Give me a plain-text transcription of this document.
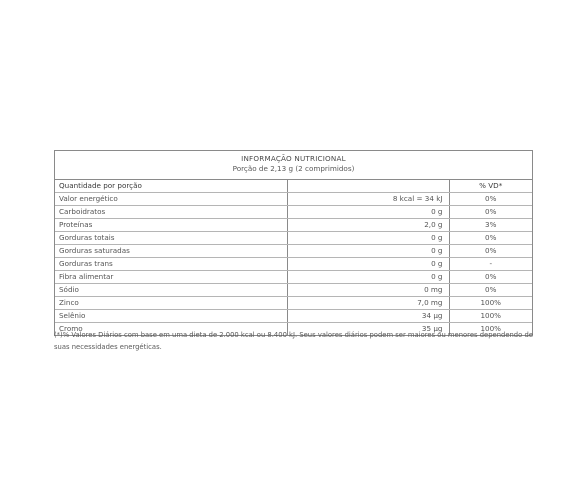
INFORMAÇÃO NUTRICIONAL
Porção de 2,13 g (2 comprimidos)
Quantidade por porção		% VD*
Valor energético	8 kcal = 34 kJ	0%
Carboidratos	0 g	0%
Proteínas	2,0 g	3%
Gorduras totais	0 g	0%
Gorduras saturadas	0 g	0%
Gorduras trans	0 g	-
Fibra alimentar	0 g	0%
Sódio	0 mg	0%
Zinco	7,0 mg	100%
Selênio	34 µg	100%
Cromo	35 µg	100%
(*)% Valores Diários com base em uma dieta de 2.000 kcal ou 8.400 kJ. Seus valores diários podem ser maiores ou menores dependendo de suas necessidades energéticas.
